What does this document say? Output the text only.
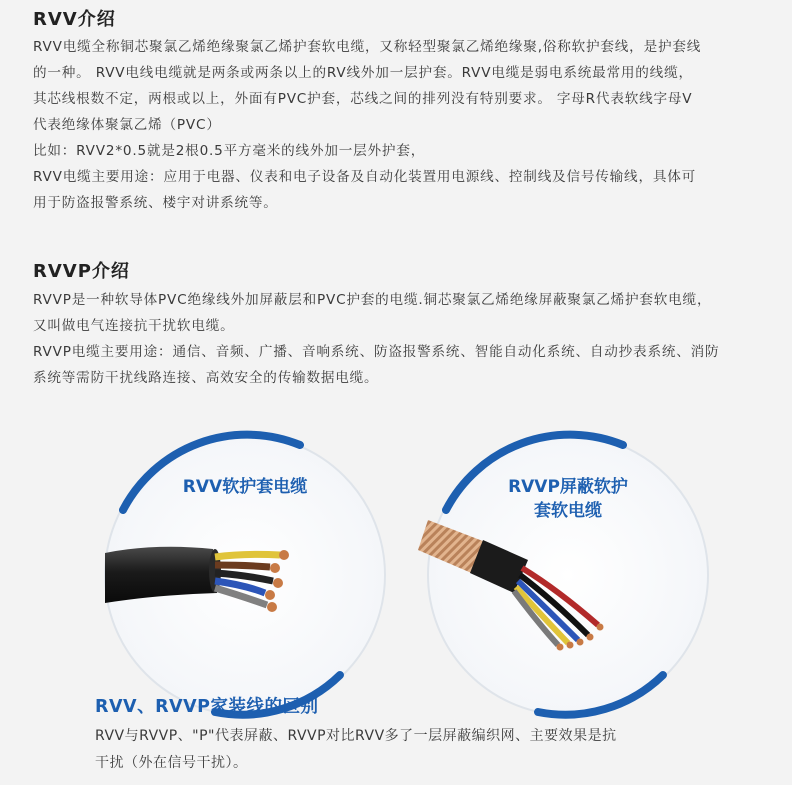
RVV介绍
RVV电缆全称铜芯聚氯乙烯绝缘聚氯乙烯护套软电缆，又称轻型聚氯乙烯绝缘聚,俗称软护套线，是护套线
的一种。 RVV电线电缆就是两条或两条以上的RV线外加一层护套。RVV电缆是弱电系统最常用的线缆，
其芯线根数不定，两根或以上，外面有PVC护套，芯线之间的排列没有特别要求。 字母R代表软线字母V
代表绝缘体聚氯乙烯（PVC）
比如：RVV2*0.5就是2根0.5平方毫米的线外加一层外护套，
RVV电缆主要用途：应用于电器、仪表和电子设备及自动化装置用电源线、控制线及信号传输线，具体可
用于防盗报警系统、楼宇对讲系统等。
RVVP介绍
RVVP是一种软导体PVC绝缘线外加屏蔽层和PVC护套的电缆.铜芯聚氯乙烯绝缘屏蔽聚氯乙烯护套软电缆，
又叫做电气连接抗干扰软电缆。
RVVP电缆主要用途：通信、音频、广播、音响系统、防盗报警系统、智能自动化系统、自动抄表系统、消防
系统等需防干扰线路连接、高效安全的传输数据电缆。
RVV软护套电缆	RVVP屏蔽软护
套软电缆
RVV、RVVP家装线的区别
RVV与RVVP、"P"代表屏蔽、RVVP对比RVV多了一层屏蔽编织网、主要效果是抗
干扰（外在信号干扰）。
